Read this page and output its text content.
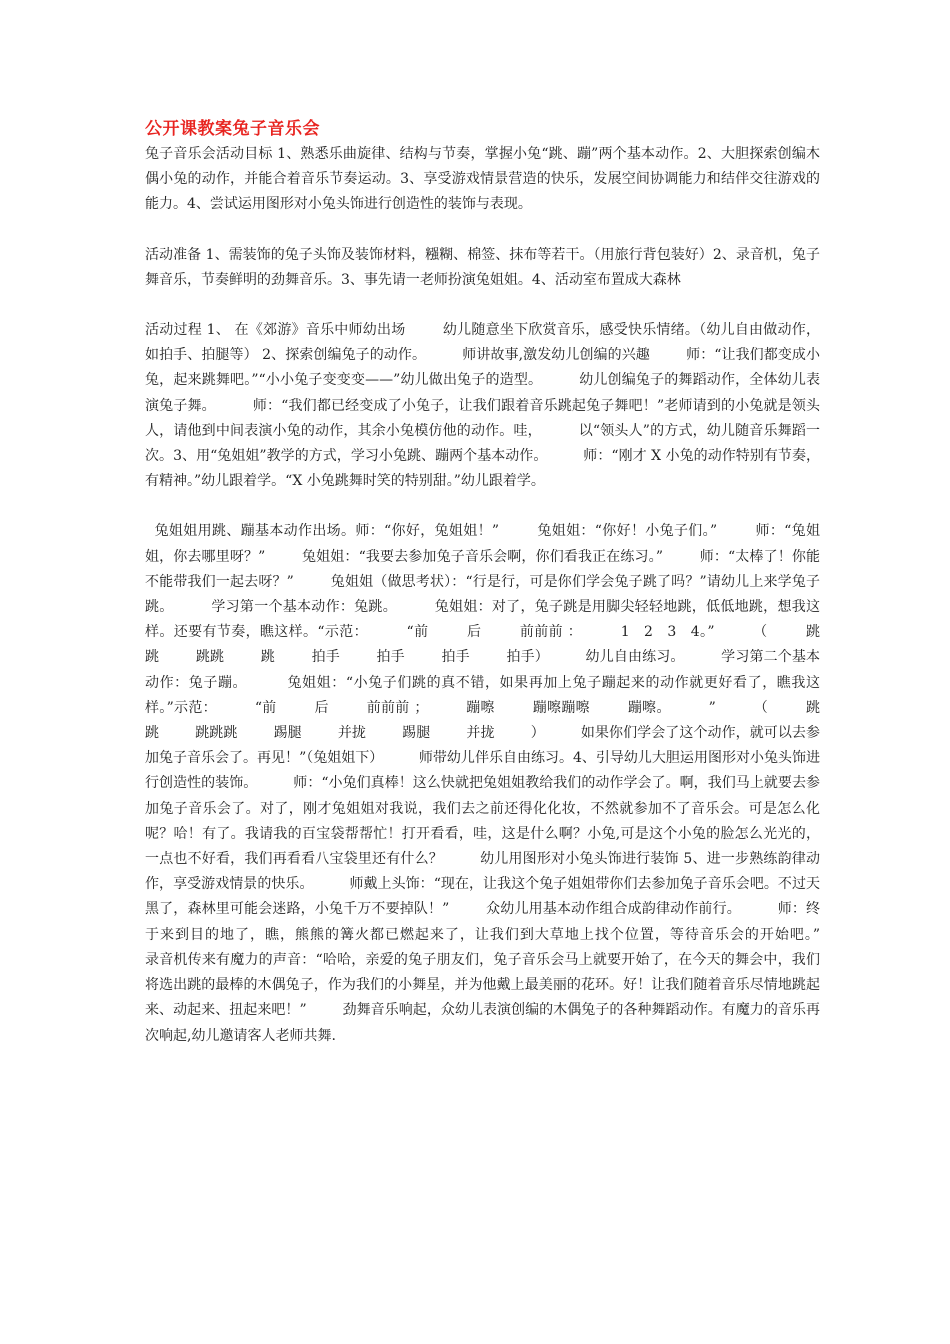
公开课教案兔子音乐会

兔子音乐会活动目标 1、熟悉乐曲旋律、结构与节奏，掌握小兔“跳、蹦”两个基本动作。2、大胆探索创编木偶小兔的动作，并能合着音乐节奏运动。3、享受游戏情景营造的快乐，发展空间协调能力和结伴交往游戏的能力。4、尝试运用图形对小兔头饰进行创造性的装饰与表现。

活动准备 1、需装饰的兔子头饰及装饰材料，糨糊、棉签、抹布等若干。（用旅行背包装好）2、录音机，兔子舞音乐，节奏鲜明的劲舞音乐。3、事先请一老师扮演兔姐姐。4、活动室布置成大森林

活动过程 1、 在《郊游》音乐中师幼出场        幼儿随意坐下欣赏音乐，感受快乐情绪。（幼儿自由做动作，如拍手、拍腿等） 2、探索创编兔子的动作。        师讲故事,激发幼儿创编的兴趣        师：“让我们都变成小兔，起来跳舞吧。”“小小兔子变变变——”幼儿做出兔子的造型。        幼儿创编兔子的舞蹈动作，全体幼儿表演兔子舞。        师：“我们都已经变成了小兔子，让我们跟着音乐跳起兔子舞吧！”老师请到的小兔就是领头人，请他到中间表演小兔的动作，其余小兔模仿他的动作。哇，        以“领头人”的方式，幼儿随音乐舞蹈一次。3、用“兔姐姐”教学的方式，学习小兔跳、蹦两个基本动作。        师：“刚才 X 小兔的动作特别有节奏，有精神。”幼儿跟着学。“X 小兔跳舞时笑的特别甜。”幼儿跟着学。

兔姐姐用跳、蹦基本动作出场。师：“你好，兔姐姐！”        兔姐姐：“你好！小兔子们。”        师：“兔姐姐，你去哪里呀？”        兔姐姐：“我要去参加兔子音乐会啊，你们看我正在练习。”        师：“太棒了！你能不能带我们一起去呀？”        兔姐姐（做思考状）：“行是行，可是你们学会兔子跳了吗？”请幼儿上来学兔子跳。        学习第一个基本动作：兔跳。        兔姐姐：对了，兔子跳是用脚尖轻轻地跳，低低地跳，想我这样。还要有节奏，瞧这样。“示范：        “前        后        前前前 ：        1   2   3   4。”        （        跳        跳        跳跳        跳        拍手        拍手        拍手        拍手）        幼儿自由练习。        学习第二个基本动作：兔子蹦。        兔姐姐：“小兔子们跳的真不错，如果再加上兔子蹦起来的动作就更好看了，瞧我这样。”示范：        “前        后        前前前 ；        蹦嚓        蹦嚓蹦嚓        蹦嚓。        ”        （        跳        跳        跳跳跳        踢腿        并拢        踢腿        并拢        ）        如果你们学会了这个动作，就可以去参加兔子音乐会了。再见！”（兔姐姐下）        师带幼儿伴乐自由练习。4、引导幼儿大胆运用图形对小兔头饰进行创造性的装饰。        师：“小兔们真棒！这么快就把兔姐姐教给我们的动作学会了。啊，我们马上就要去参加兔子音乐会了。对了，刚才兔姐姐对我说，我们去之前还得化化妆，不然就参加不了音乐会。可是怎么化呢？哈！有了。我请我的百宝袋帮帮忙！打开看看，哇，这是什么啊？小兔,可是这个小兔的脸怎么光光的，一点也不好看，我们再看看八宝袋里还有什么？        幼儿用图形对小兔头饰进行装饰 5、进一步熟练韵律动作，享受游戏情景的快乐。        师戴上头饰：“现在，让我这个兔子姐姐带你们去参加兔子音乐会吧。不过天黑了，森林里可能会迷路，小兔千万不要掉队！”        众幼儿用基本动作组合成韵律动作前行。        师：终于来到目的地了，瞧，熊熊的篝火都已燃起来了，让我们到大草地上找个位置，等待音乐会的开始吧。”        录音机传来有魔力的声音：“哈哈，亲爱的兔子朋友们，兔子音乐会马上就要开始了，在今天的舞会中，我们将选出跳的最棒的木偶兔子，作为我们的小舞星，并为他戴上最美丽的花环。好！让我们随着音乐尽情地跳起来、动起来、扭起来吧！”        劲舞音乐响起，众幼儿表演创编的木偶兔子的各种舞蹈动作。有魔力的音乐再次响起,幼儿邀请客人老师共舞.
